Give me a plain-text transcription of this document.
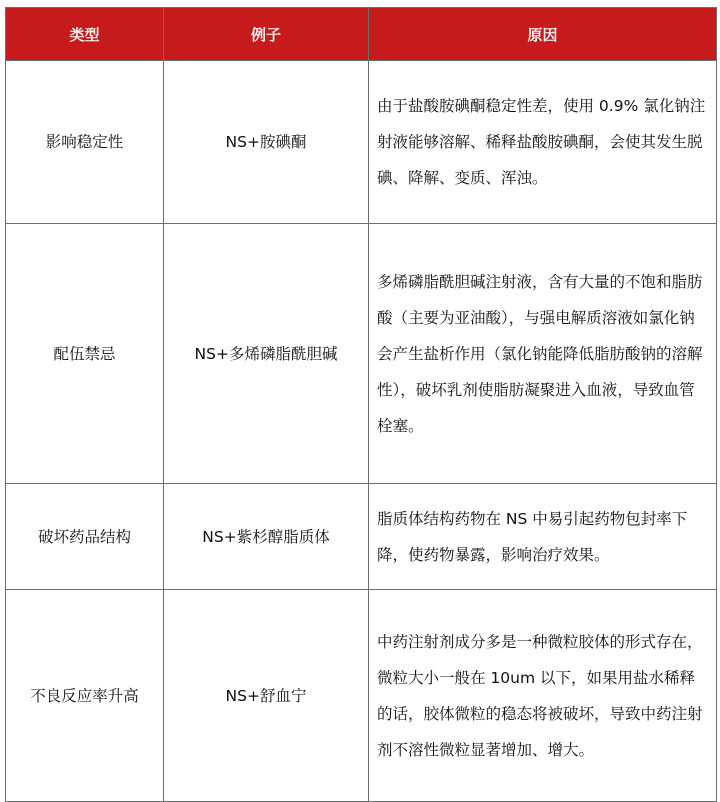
类型	例子	原因
影响稳定性	NS+胺碘酮	由于盐酸胺碘酮稳定性差，使用 0.9% 氯化钠注射液能够溶解、稀释盐酸胺碘酮，会使其发生脱碘、降解、变质、浑浊。
配伍禁忌	NS+多烯磷脂酰胆碱	多烯磷脂酰胆碱注射液，含有大量的不饱和脂肪酸（主要为亚油酸），与强电解质溶液如氯化钠会产生盐析作用（氯化钠能降低脂肪酸钠的溶解性），破坏乳剂使脂肪凝聚进入血液，导致血管栓塞。
破坏药品结构	NS+紫杉醇脂质体	脂质体结构药物在 NS 中易引起药物包封率下降，使药物暴露，影响治疗效果。
不良反应率升高	NS+舒血宁	中药注射剂成分多是一种微粒胶体的形式存在，微粒大小一般在 10um 以下，如果用盐水稀释的话，胶体微粒的稳态将被破坏，导致中药注射剂不溶性微粒显著增加、增大。
